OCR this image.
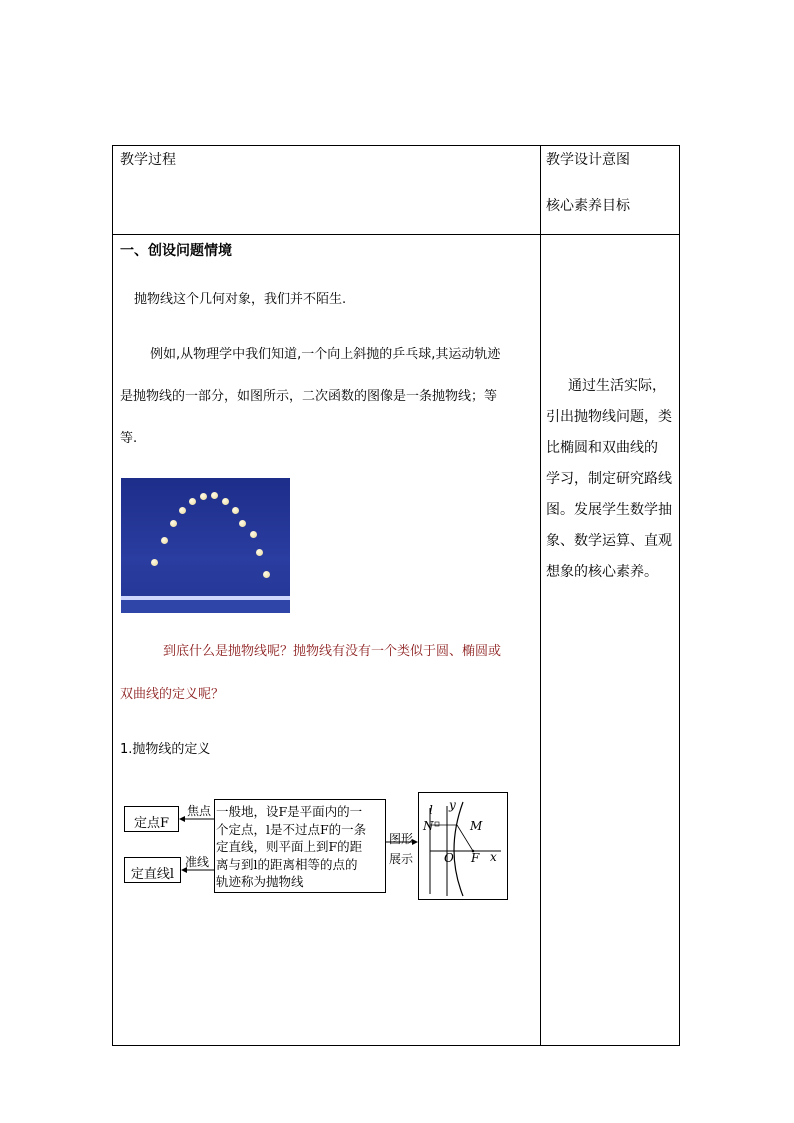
教学过程	教学设计意图
核心素养目标
一、创设问题情境
抛物线这个几何对象，我们并不陌生.
例如,从物理学中我们知道,一个向上斜抛的乒乓球,其运动轨迹
是抛物线的一部分，如图所示，二次函数的图像是一条抛物线；等
等.
到底什么是抛物线呢？抛物线有没有一个类似于圆、椭圆或
双曲线的定义呢？
1.抛物线的定义
定点F
定直线l
焦点
准线
一般地，设F是平面内的一
个定点，l是不过点F的一条
定直线，则平面上到F的距
离与到l的距离相等的点的
轨迹称为抛物线
图形
展示
l y
N	M
O F x
通过生活实际，
引出抛物线问题，类
比椭圆和双曲线的
学习，制定研究路线
图。发展学生数学抽
象、数学运算、直观
想象的核心素养。
